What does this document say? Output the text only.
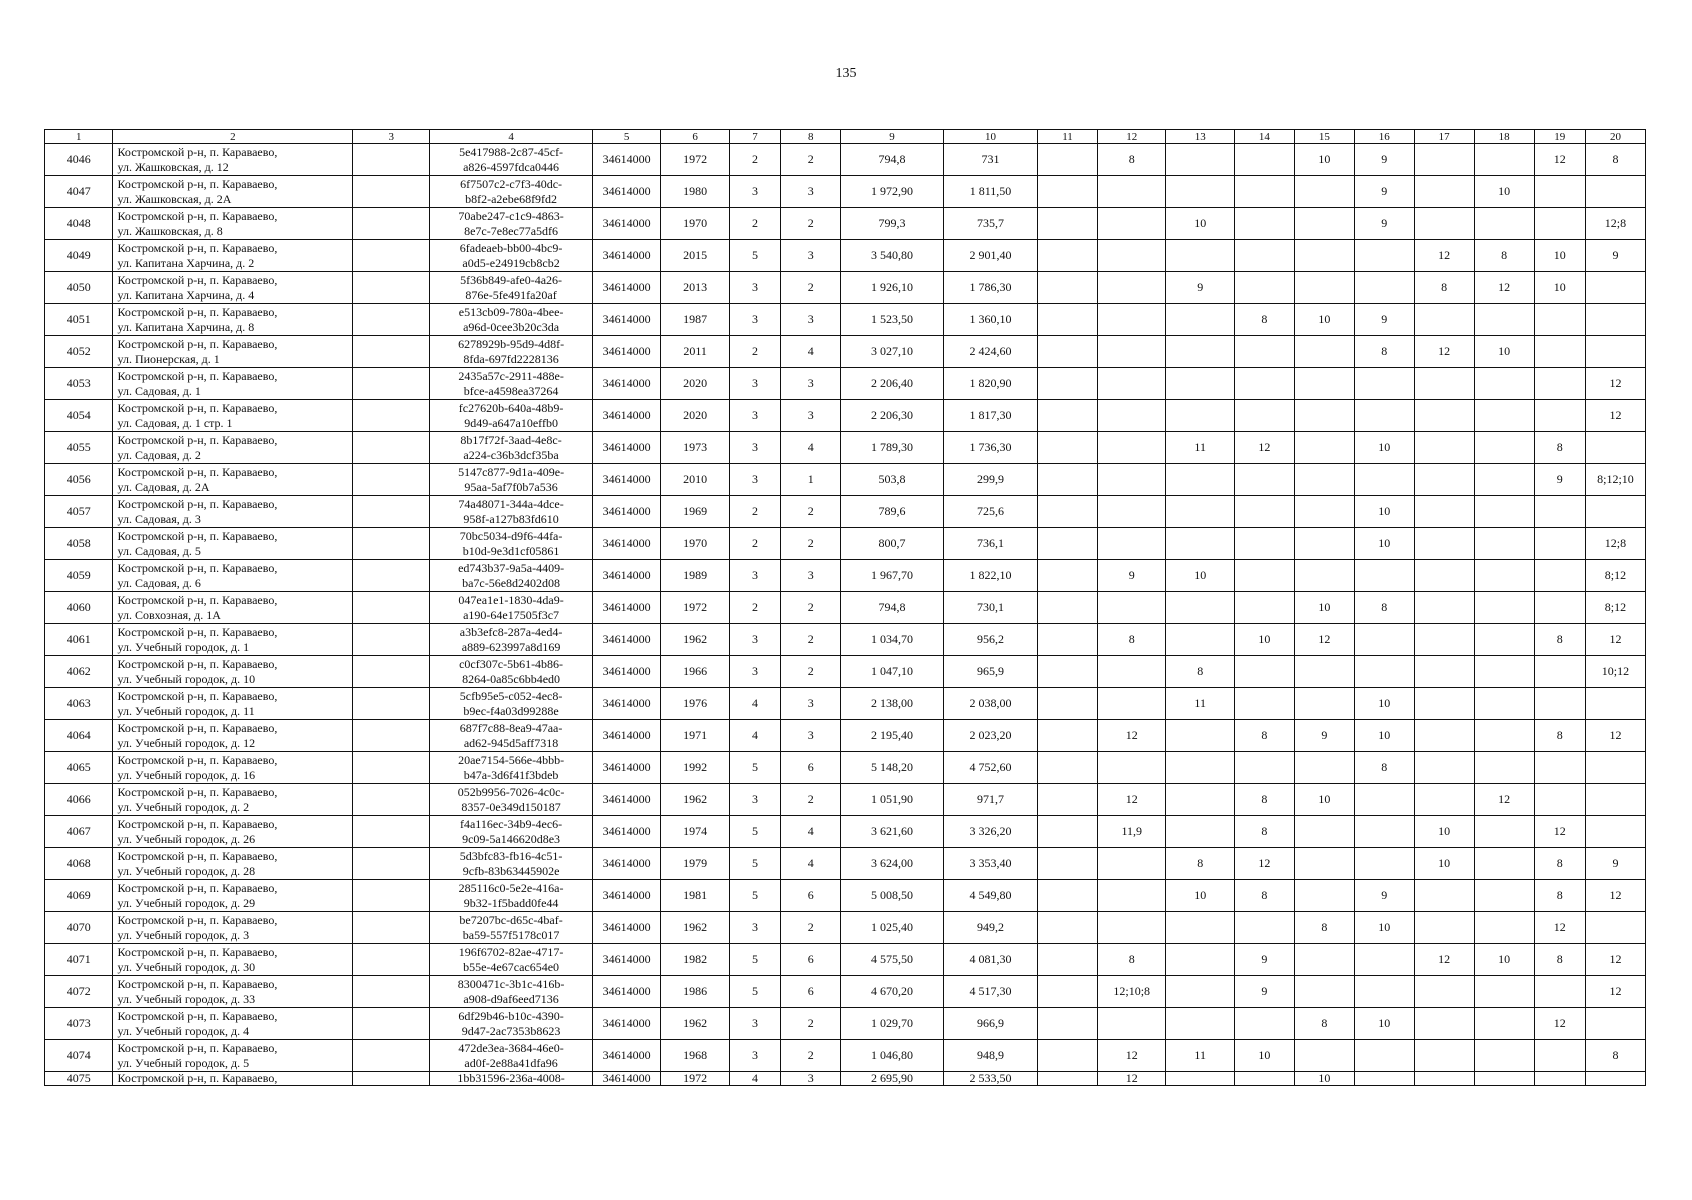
135
1	2	3	4	5	6	7	8	9	10	11	12	13	14	15	16	17	18	19	20
4046	Костромской р-н, п. Караваево,
ул. Жашковская, д. 12		5e417988-2c87-45cf-
a826-4597fdca0446	34614000	1972	2	2	794,8	731		8			10	9			12	8
4047	Костромской р-н, п. Караваево,
ул. Жашковская, д. 2А		6f7507c2-c7f3-40dc-
b8f2-a2ebe68f9fd2	34614000	1980	3	3	1 972,90	1 811,50						9		10		
4048	Костромской р-н, п. Караваево,
ул. Жашковская, д. 8		70abe247-c1c9-4863-
8e7c-7e8ec77a5df6	34614000	1970	2	2	799,3	735,7			10			9				12;8
4049	Костромской р-н, п. Караваево,
ул. Капитана Харчина, д. 2		6fadeaeb-bb00-4bc9-
a0d5-e24919cb8cb2	34614000	2015	5	3	3 540,80	2 901,40							12	8	10	9
4050	Костромской р-н, п. Караваево,
ул. Капитана Харчина, д. 4		5f36b849-afe0-4a26-
876e-5fe491fa20af	34614000	2013	3	2	1 926,10	1 786,30			9				8	12	10	
4051	Костромской р-н, п. Караваево,
ул. Капитана Харчина, д. 8		e513cb09-780a-4bee-
a96d-0cee3b20c3da	34614000	1987	3	3	1 523,50	1 360,10				8	10	9				
4052	Костромской р-н, п. Караваево,
ул. Пионерская, д. 1		6278929b-95d9-4d8f-
8fda-697fd2228136	34614000	2011	2	4	3 027,10	2 424,60						8	12	10		
4053	Костромской р-н, п. Караваево,
ул. Садовая, д. 1		2435a57c-2911-488e-
bfce-a4598ea37264	34614000	2020	3	3	2 206,40	1 820,90										12
4054	Костромской р-н, п. Караваево,
ул. Садовая, д. 1 стр. 1		fc27620b-640a-48b9-
9d49-a647a10effb0	34614000	2020	3	3	2 206,30	1 817,30										12
4055	Костромской р-н, п. Караваево,
ул. Садовая, д. 2		8b17f72f-3aad-4e8c-
a224-c36b3dcf35ba	34614000	1973	3	4	1 789,30	1 736,30			11	12		10			8	
4056	Костромской р-н, п. Караваево,
ул. Садовая, д. 2А		5147c877-9d1a-409e-
95aa-5af7f0b7a536	34614000	2010	3	1	503,8	299,9									9	8;12;10
4057	Костромской р-н, п. Караваево,
ул. Садовая, д. 3		74a48071-344a-4dce-
958f-a127b83fd610	34614000	1969	2	2	789,6	725,6						10				
4058	Костромской р-н, п. Караваево,
ул. Садовая, д. 5		70bc5034-d9f6-44fa-
b10d-9e3d1cf05861	34614000	1970	2	2	800,7	736,1						10				12;8
4059	Костромской р-н, п. Караваево,
ул. Садовая, д. 6		ed743b37-9a5a-4409-
ba7c-56e8d2402d08	34614000	1989	3	3	1 967,70	1 822,10		9	10							8;12
4060	Костромской р-н, п. Караваево,
ул. Совхозная, д. 1А		047ea1e1-1830-4da9-
a190-64e17505f3c7	34614000	1972	2	2	794,8	730,1					10	8				8;12
4061	Костромской р-н, п. Караваево,
ул. Учебный городок, д. 1		a3b3efc8-287a-4ed4-
a889-623997a8d169	34614000	1962	3	2	1 034,70	956,2		8		10	12				8	12
4062	Костромской р-н, п. Караваево,
ул. Учебный городок, д. 10		c0cf307c-5b61-4b86-
8264-0a85c6bb4ed0	34614000	1966	3	2	1 047,10	965,9			8							10;12
4063	Костромской р-н, п. Караваево,
ул. Учебный городок, д. 11		5cfb95e5-c052-4ec8-
b9ec-f4a03d99288e	34614000	1976	4	3	2 138,00	2 038,00			11			10				
4064	Костромской р-н, п. Караваево,
ул. Учебный городок, д. 12		687f7c88-8ea9-47aa-
ad62-945d5aff7318	34614000	1971	4	3	2 195,40	2 023,20		12		8	9	10			8	12
4065	Костромской р-н, п. Караваево,
ул. Учебный городок, д. 16		20ae7154-566e-4bbb-
b47a-3d6f41f3bdeb	34614000	1992	5	6	5 148,20	4 752,60						8				
4066	Костромской р-н, п. Караваево,
ул. Учебный городок, д. 2		052b9956-7026-4c0c-
8357-0e349d150187	34614000	1962	3	2	1 051,90	971,7		12		8	10			12		
4067	Костромской р-н, п. Караваево,
ул. Учебный городок, д. 26		f4a116ec-34b9-4ec6-
9c09-5a146620d8e3	34614000	1974	5	4	3 621,60	3 326,20		11,9		8			10		12	
4068	Костромской р-н, п. Караваево,
ул. Учебный городок, д. 28		5d3bfc83-fb16-4c51-
9cfb-83b63445902e	34614000	1979	5	4	3 624,00	3 353,40			8	12			10		8	9
4069	Костромской р-н, п. Караваево,
ул. Учебный городок, д. 29		285116c0-5e2e-416a-
9b32-1f5badd0fe44	34614000	1981	5	6	5 008,50	4 549,80			10	8		9			8	12
4070	Костромской р-н, п. Караваево,
ул. Учебный городок, д. 3		be7207bc-d65c-4baf-
ba59-557f5178c017	34614000	1962	3	2	1 025,40	949,2					8	10			12	
4071	Костромской р-н, п. Караваево,
ул. Учебный городок, д. 30		196f6702-82ae-4717-
b55e-4e67cac654e0	34614000	1982	5	6	4 575,50	4 081,30		8		9			12	10	8	12
4072	Костромской р-н, п. Караваево,
ул. Учебный городок, д. 33		8300471c-3b1c-416b-
a908-d9af6eed7136	34614000	1986	5	6	4 670,20	4 517,30		12;10;8		9						12
4073	Костромской р-н, п. Караваево,
ул. Учебный городок, д. 4		6df29b46-b10c-4390-
9d47-2ac7353b8623	34614000	1962	3	2	1 029,70	966,9					8	10			12	
4074	Костромской р-н, п. Караваево,
ул. Учебный городок, д. 5		472de3ea-3684-46e0-
ad0f-2e88a41dfa96	34614000	1968	3	2	1 046,80	948,9		12	11	10						8
4075	Костромской р-н, п. Караваево,		1bb31596-236a-4008-	34614000	1972	4	3	2 695,90	2 533,50		12			10					
